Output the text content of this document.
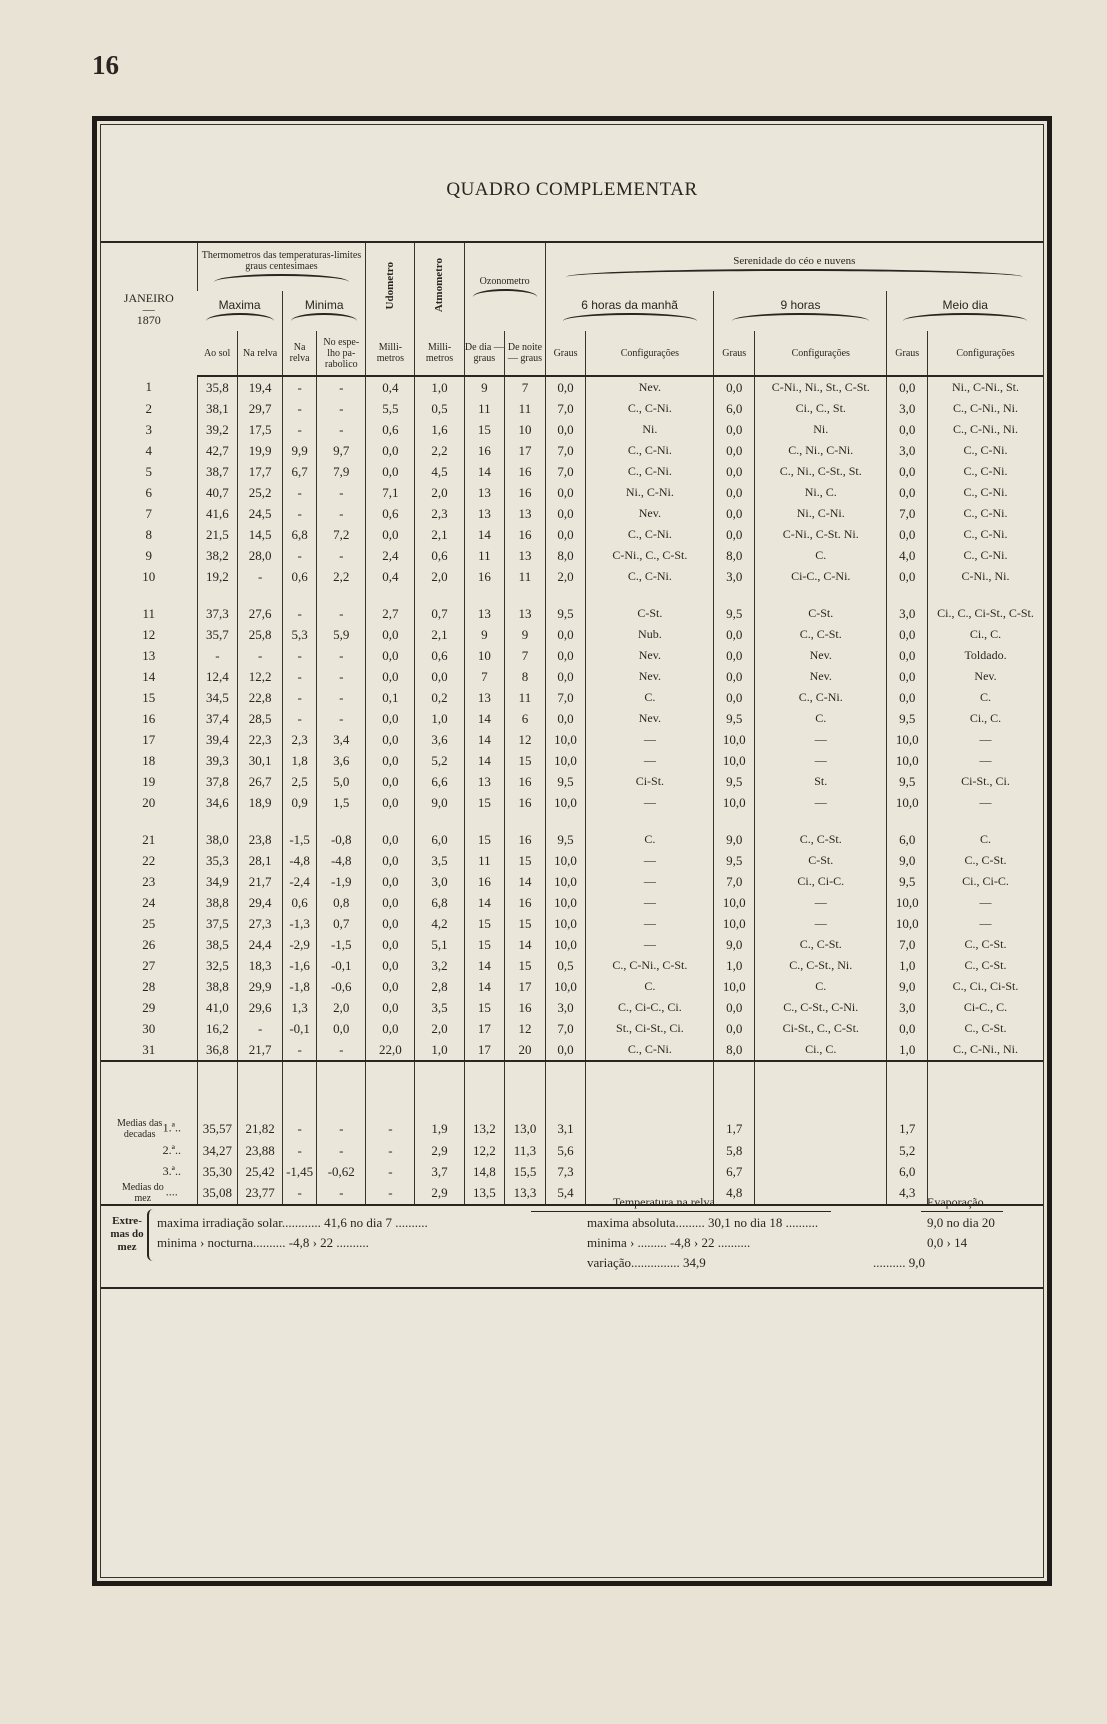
16
QUADRO COMPLEMENTAR
JANEIRO
—
1870	Thermometros das temperaturas-limites graus centesimaes				Udometro	Atmometro	Ozonometro		Serenidade do céo e nuvens					

	Maxima		Minima						6 horas da manhã		9 horas		Meio dia	

	Ao sol	Na relva	Na relva	No espe- lho pa- rabolico	Milli- metros	Milli- metros	De dia — graus	De noite — graus	Graus	Configurações	Graus	Configurações	Graus	Configurações
1	35,8	19,4	-	-	0,4	1,0	9	7	0,0	Nev.	0,0	C-Ni., Ni., St., C-St.	0,0	Ni., C-Ni., St.
2	38,1	29,7	-	-	5,5	0,5	11	11	7,0	C., C-Ni.	6,0	Ci., C., St.	3,0	C., C-Ni., Ni.
3	39,2	17,5	-	-	0,6	1,6	15	10	0,0	Ni.	0,0	Ni.	0,0	C., C-Ni., Ni.
4	42,7	19,9	9,9	9,7	0,0	2,2	16	17	7,0	C., C-Ni.	0,0	C., Ni., C-Ni.	3,0	C., C-Ni.
5	38,7	17,7	6,7	7,9	0,0	4,5	14	16	7,0	C., C-Ni.	0,0	C., Ni., C-St., St.	0,0	C., C-Ni.
6	40,7	25,2	-	-	7,1	2,0	13	16	0,0	Ni., C-Ni.	0,0	Ni., C.	0,0	C., C-Ni.
7	41,6	24,5	-	-	0,6	2,3	13	13	0,0	Nev.	0,0	Ni., C-Ni.	7,0	C., C-Ni.
8	21,5	14,5	6,8	7,2	0,0	2,1	14	16	0,0	C., C-Ni.	0,0	C-Ni., C-St. Ni.	0,0	C., C-Ni.
9	38,2	28,0	-	-	2,4	0,6	11	13	8,0	C-Ni., C., C-St.	8,0	C.	4,0	C., C-Ni.
10	19,2	-	0,6	2,2	0,4	2,0	16	11	2,0	C., C-Ni.	3,0	Ci-C., C-Ni.	0,0	C-Ni., Ni.

11	37,3	27,6	-	-	2,7	0,7	13	13	9,5	C-St.	9,5	C-St.	3,0	Ci., C., Ci-St., C-St.
12	35,7	25,8	5,3	5,9	0,0	2,1	9	9	0,0	Nub.	0,0	C., C-St.	0,0	Ci., C.
13	-	-	-	-	0,0	0,6	10	7	0,0	Nev.	0,0	Nev.	0,0	Toldado.
14	12,4	12,2	-	-	0,0	0,0	7	8	0,0	Nev.	0,0	Nev.	0,0	Nev.
15	34,5	22,8	-	-	0,1	0,2	13	11	7,0	C.	0,0	C., C-Ni.	0,0	C.
16	37,4	28,5	-	-	0,0	1,0	14	6	0,0	Nev.	9,5	C.	9,5	Ci., C.
17	39,4	22,3	2,3	3,4	0,0	3,6	14	12	10,0	—	10,0	—	10,0	—
18	39,3	30,1	1,8	3,6	0,0	5,2	14	15	10,0	—	10,0	—	10,0	—
19	37,8	26,7	2,5	5,0	0,0	6,6	13	16	9,5	Ci-St.	9,5	St.	9,5	Ci-St., Ci.
20	34,6	18,9	0,9	1,5	0,0	9,0	15	16	10,0	—	10,0	—	10,0	—

21	38,0	23,8	-1,5	-0,8	0,0	6,0	15	16	9,5	C.	9,0	C., C-St.	6,0	C.
22	35,3	28,1	-4,8	-4,8	0,0	3,5	11	15	10,0	—	9,5	C-St.	9,0	C., C-St.
23	34,9	21,7	-2,4	-1,9	0,0	3,0	16	14	10,0	—	7,0	Ci., Ci-C.	9,5	Ci., Ci-C.
24	38,8	29,4	0,6	0,8	0,0	6,8	14	16	10,0	—	10,0	—	10,0	—
25	37,5	27,3	-1,3	0,7	0,0	4,2	15	15	10,0	—	10,0	—	10,0	—
26	38,5	24,4	-2,9	-1,5	0,0	5,1	15	14	10,0	—	9,0	C., C-St.	7,0	C., C-St.
27	32,5	18,3	-1,6	-0,1	0,0	3,2	14	15	0,5	C., C-Ni., C-St.	1,0	C., C-St., Ni.	1,0	C., C-St.
28	38,8	29,9	-1,8	-0,6	0,0	2,8	14	17	10,0	C.	10,0	C.	9,0	C., Ci., Ci-St.
29	41,0	29,6	1,3	2,0	0,0	3,5	15	16	3,0	C., Ci-C., Ci.	0,0	C., C-St., C-Ni.	3,0	Ci-C., C.
30	16,2	-	-0,1	0,0	0,0	2,0	17	12	7,0	St., Ci-St., Ci.	0,0	Ci-St., C., C-St.	0,0	C., C-St.
31	36,8	21,7	-	-	22,0	1,0	17	20	0,0	C., C-Ni.	8,0	Ci., C.	1,0	C., C-Ni., Ni.

Medias das decadas1.ª..	35,57	21,82	-	-	-	1,9	13,2	13,0	3,1		1,7		1,7	
2.ª..	34,27	23,88	-	-	-	2,9	12,2	11,3	5,6		5,8		5,2	
3.ª..	35,30	25,42	-1,45	-0,62	-	3,7	14,8	15,5	7,3		6,7		6,0	
Medias do mez....	35,08	23,77	-	-	-	2,9	13,5	13,3	5,4		4,8		4,3	
Extre- mas do mez
Temperatura na relva	Evaporação
maxima irradiação solar............ 41,6 no dia 7 ..........
minima › nocturna.......... -4,8 › 22 ..........
maxima absoluta......... 30,1 no dia 18 ..........
minima › ......... -4,8 › 22 ..........
variação............... 34,9
9,0 no dia 20
0,0 › 14
.......... 9,0
